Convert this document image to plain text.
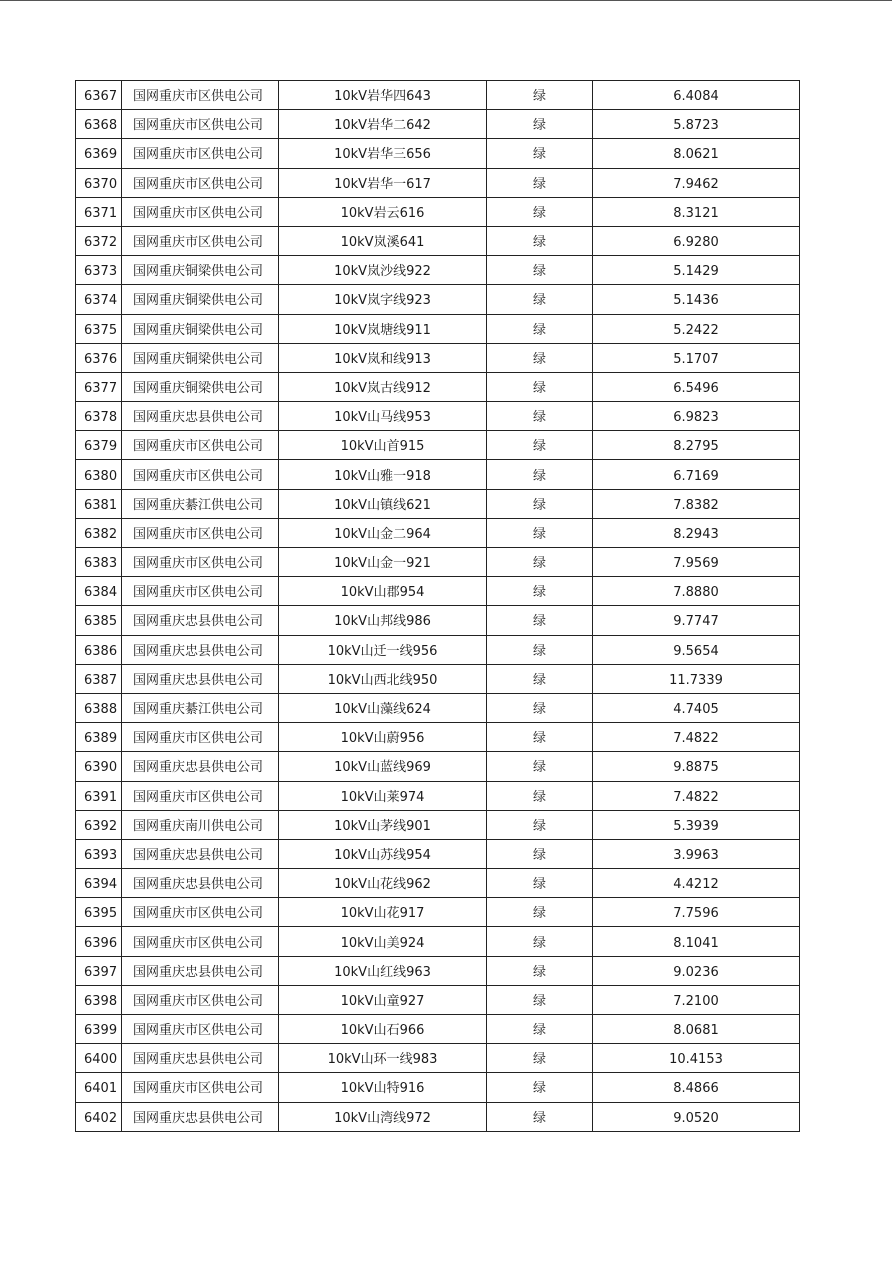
6367	国网重庆市区供电公司	10kV岩华四643	绿	6.4084
6368	国网重庆市区供电公司	10kV岩华二642	绿	5.8723
6369	国网重庆市区供电公司	10kV岩华三656	绿	8.0621
6370	国网重庆市区供电公司	10kV岩华一617	绿	7.9462
6371	国网重庆市区供电公司	10kV岩云616	绿	8.3121
6372	国网重庆市区供电公司	10kV岚溪641	绿	6.9280
6373	国网重庆铜梁供电公司	10kV岚沙线922	绿	5.1429
6374	国网重庆铜梁供电公司	10kV岚字线923	绿	5.1436
6375	国网重庆铜梁供电公司	10kV岚塘线911	绿	5.2422
6376	国网重庆铜梁供电公司	10kV岚和线913	绿	5.1707
6377	国网重庆铜梁供电公司	10kV岚古线912	绿	6.5496
6378	国网重庆忠县供电公司	10kV山马线953	绿	6.9823
6379	国网重庆市区供电公司	10kV山首915	绿	8.2795
6380	国网重庆市区供电公司	10kV山雅一918	绿	6.7169
6381	国网重庆綦江供电公司	10kV山镇线621	绿	7.8382
6382	国网重庆市区供电公司	10kV山金二964	绿	8.2943
6383	国网重庆市区供电公司	10kV山金一921	绿	7.9569
6384	国网重庆市区供电公司	10kV山郡954	绿	7.8880
6385	国网重庆忠县供电公司	10kV山邦线986	绿	9.7747
6386	国网重庆忠县供电公司	10kV山迁一线956	绿	9.5654
6387	国网重庆忠县供电公司	10kV山西北线950	绿	11.7339
6388	国网重庆綦江供电公司	10kV山藻线624	绿	4.7405
6389	国网重庆市区供电公司	10kV山蔚956	绿	7.4822
6390	国网重庆忠县供电公司	10kV山蓝线969	绿	9.8875
6391	国网重庆市区供电公司	10kV山莱974	绿	7.4822
6392	国网重庆南川供电公司	10kV山茅线901	绿	5.3939
6393	国网重庆忠县供电公司	10kV山苏线954	绿	3.9963
6394	国网重庆忠县供电公司	10kV山花线962	绿	4.4212
6395	国网重庆市区供电公司	10kV山花917	绿	7.7596
6396	国网重庆市区供电公司	10kV山美924	绿	8.1041
6397	国网重庆忠县供电公司	10kV山红线963	绿	9.0236
6398	国网重庆市区供电公司	10kV山童927	绿	7.2100
6399	国网重庆市区供电公司	10kV山石966	绿	8.0681
6400	国网重庆忠县供电公司	10kV山环一线983	绿	10.4153
6401	国网重庆市区供电公司	10kV山特916	绿	8.4866
6402	国网重庆忠县供电公司	10kV山湾线972	绿	9.0520
